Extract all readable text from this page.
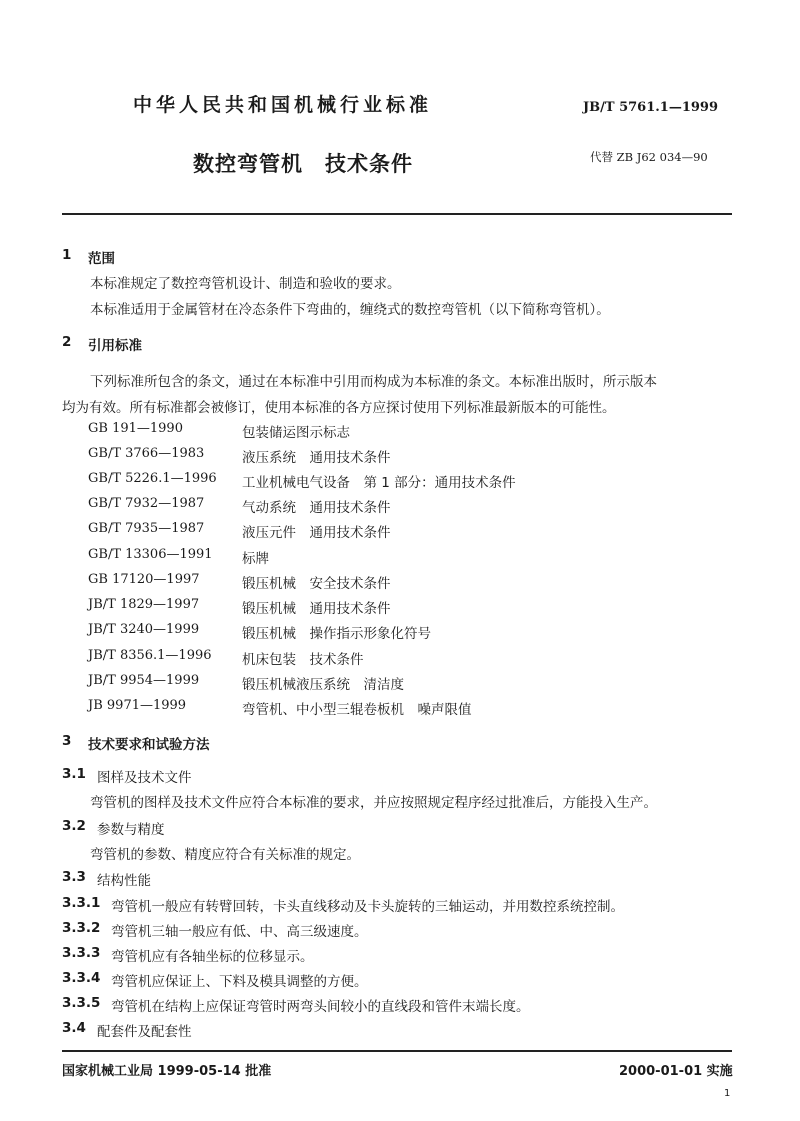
中华人民共和国机械行业标准	JB/T 5761.1—1999
数控弯管机 技术条件	代替 ZB J62 034—90
1 范围
本标准规定了数控弯管机设计、制造和验收的要求。
本标准适用于金属管材在冷态条件下弯曲的，缠绕式的数控弯管机（以下简称弯管机）。
2 引用标准
下列标准所包含的条文，通过在本标准中引用而构成为本标准的条文。本标准出版时，所示版本
均为有效。所有标准都会被修订，使用本标准的各方应探讨使用下列标准最新版本的可能性。
GB 191—1990	包装储运图示标志
GB/T 3766—1983	液压系统　通用技术条件
GB/T 5226.1—1996 工业机械电气设备　第 1 部分：通用技术条件
GB/T 7932—1987	气动系统　通用技术条件
GB/T 7935—1987	液压元件　通用技术条件
GB/T 13306—1991 标牌
GB 17120—1997	锻压机械　安全技术条件
JB/T 1829—1997	锻压机械　通用技术条件
JB/T 3240—1999	锻压机械　操作指示形象化符号
JB/T 8356.1—1996 机床包装　技术条件
JB/T 9954—1999	锻压机械液压系统　清洁度
JB 9971—1999	弯管机、中小型三辊卷板机　噪声限值
3 技术要求和试验方法
3.1 图样及技术文件
弯管机的图样及技术文件应符合本标准的要求，并应按照规定程序经过批准后，方能投入生产。
3.2 参数与精度
弯管机的参数、精度应符合有关标准的规定。
3.3 结构性能
3.3.1 弯管机一般应有转臂回转，卡头直线移动及卡头旋转的三轴运动，并用数控系统控制。
3.3.2 弯管机三轴一般应有低、中、高三级速度。
3.3.3 弯管机应有各轴坐标的位移显示。
3.3.4 弯管机应保证上、下料及模具调整的方便。
3.3.5 弯管机在结构上应保证弯管时两弯头间较小的直线段和管件末端长度。
3.4 配套件及配套性
国家机械工业局 1999-05-14 批准	2000-01-01 实施
1
